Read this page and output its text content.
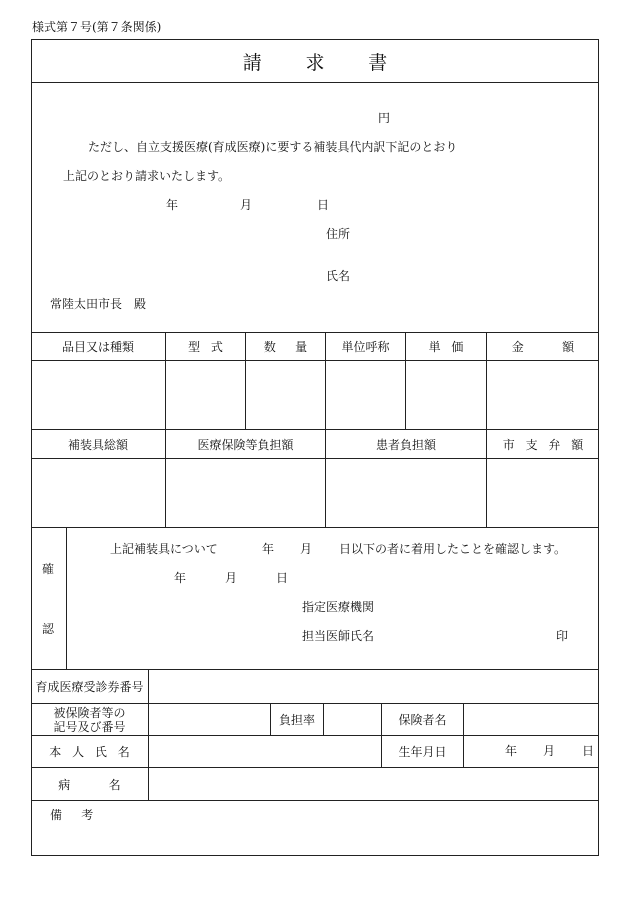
様式第７号(第７条関係)
請求書
円
ただし、自立支援医療(育成医療)に要する補装具代内訳下記のとおり
上記のとおり請求いたします。
年	月	日
住所
氏名
常陸太田市長　殿
品目又は種類	型式	数量 単位呼称	単価	金額
補装具総額	医療保険等負担額	患者負担額	市支弁額
確
認
上記補装具について	年 月 日以下の者に着用したことを確認します。
年	月	日
指定医療機関
担当医師氏名	印
育成医療受診券番号
被保険者等の
記号及び番号	負担率	保険者名
本人氏名	生年月日	年 月 日
病名
備考
